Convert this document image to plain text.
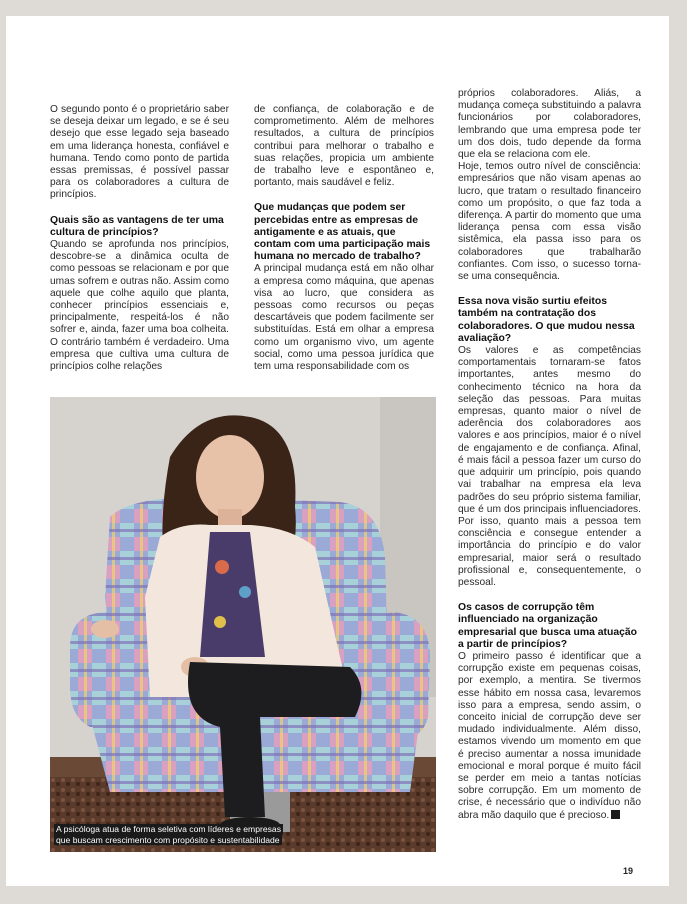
O segundo ponto é o proprietário saber se deseja deixar um legado, e se é seu desejo que esse legado seja baseado em uma liderança honesta, confiável e humana. Tendo como ponto de partida essas premissas, é possível passar para os colaboradores a cultura de princípios.

Quais são as vantagens de ter uma cultura de princípios?

Quando se aprofunda nos princípios, descobre-se a dinâmica oculta de como pessoas se relacionam e por que umas sofrem e outras não. Assim como aquele que colhe aquilo que planta, conhecer princípios essenciais e, principalmente, respeitá-los é não sofrer e, ainda, fazer uma boa colheita. O contrário também é verdadeiro. Uma empresa que cultiva uma cultura de princípios colhe relações

de confiança, de colaboração e de comprometimento. Além de melhores resultados, a cultura de princípios contribui para melhorar o trabalho e suas relações, propicia um ambiente de trabalho leve e espontâneo e, portanto, mais saudável e feliz.

Que mudanças que podem ser percebidas entre as empresas de antigamente e as atuais, que contam com uma participação mais humana no mercado de trabalho?

A principal mudança está em não olhar a empresa como máquina, que apenas visa ao lucro, que considera as pessoas como recursos ou peças descartáveis que podem facilmente ser substituídas. Está em olhar a empresa como um organismo vivo, um agente social, como uma pessoa jurídica que tem uma responsabilidade com os

próprios colaboradores. Aliás, a mudança começa substituindo a palavra funcionários por colaboradores, lembrando que uma empresa pode ter um dos dois, tudo depende da forma que ela se relaciona com ele.

Hoje, temos outro nível de consciência: empresários que não visam apenas ao lucro, que tratam o resultado financeiro como um propósito, o que faz toda a diferença. A partir do momento que uma liderança pensa com essa visão sistêmica, ela passa isso para os colaboradores que trabalharão confiantes. Com isso, o sucesso torna-se uma consequência.

Essa nova visão surtiu efeitos também na contratação dos colaboradores. O que mudou nessa avaliação?

Os valores e as competências comportamentais tornaram-se fatos importantes, antes mesmo do conhecimento técnico na hora da seleção das pessoas. Para muitas empresas, quanto maior o nível de aderência dos colaboradores aos valores e aos princípios, maior é o nível de engajamento e de confiança. Afinal, é mais fácil a pessoa fazer um curso do que adquirir um princípio, pois quando vai trabalhar na empresa ela leva padrões do seu próprio sistema familiar, que é um dos principais influenciadores. Por isso, quanto mais a pessoa tem consciência e consegue entender a importância do princípio e do valor empresarial, maior será o resultado profissional e, consequentemente, o pessoal.

Os casos de corrupção têm influenciado na organização empresarial que busca uma atuação a partir de princípios?

O primeiro passo é identificar que a corrupção existe em pequenas coisas, por exemplo, a mentira. Se tivermos esse hábito em nossa casa, levaremos isso para a empresa, sendo assim, o conceito inicial de corrupção deve ser mudado individualmente. Além disso, estamos vivendo um momento em que é preciso aumentar a nossa imunidade emocional e moral porque é muito fácil se perder em meio a tantas notícias sobre corrupção. Em um momento de crise, é necessário que o indivíduo não abra mão daquilo que é precioso.

A psicóloga atua de forma seletiva com líderes e empresas
que buscam crescimento com propósito e sustentabilidade
19
